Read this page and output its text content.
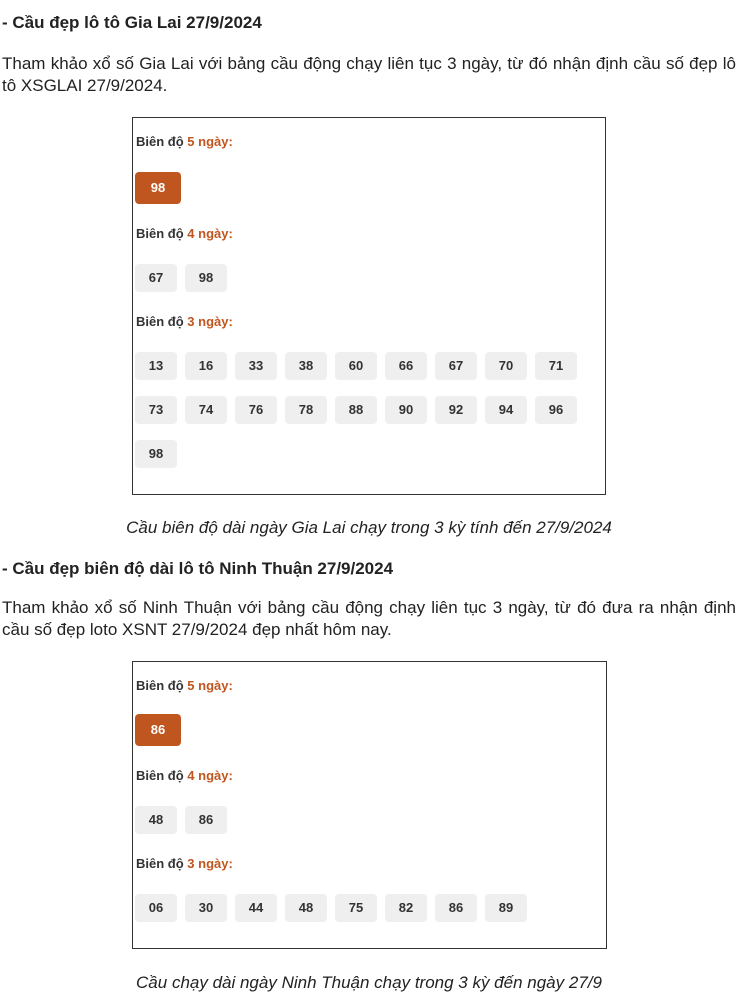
- Cầu đẹp lô tô Gia Lai 27/9/2024

Tham khảo xổ số Gia Lai với bảng cầu động chạy liên tục 3 ngày, từ đó nhận định cầu số đẹp lô tô XSGLAI 27/9/2024.

Biên độ 5 ngày:
98
Biên độ 4 ngày:
67	98
Biên độ 3 ngày:
13	16	33	38	60	66	67	70	71
73	74	76	78	88	90	92	94	96
98

Cầu biên độ dài ngày Gia Lai chạy trong 3 kỳ tính đến 27/9/2024

- Cầu đẹp biên độ dài lô tô Ninh Thuận 27/9/2024

Tham khảo xổ số Ninh Thuận với bảng cầu động chạy liên tục 3 ngày, từ đó đưa ra nhận định cầu số đẹp loto XSNT 27/9/2024 đẹp nhất hôm nay.

Biên độ 5 ngày:
86
Biên độ 4 ngày:
48	86
Biên độ 3 ngày:
06	30	44	48	75	82	86	89

Cầu chạy dài ngày Ninh Thuận chạy trong 3 kỳ đến ngày 27/9
